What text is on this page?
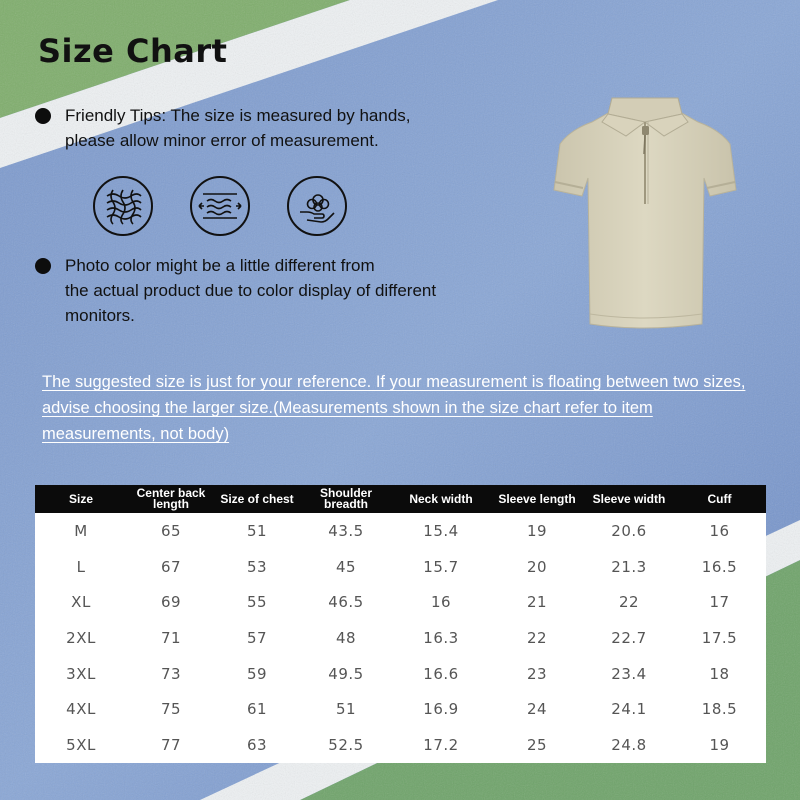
Size Chart
Friendly Tips: The size is measured by hands,
please allow minor error of measurement.
Photo color might be a little different from
the actual product due to color display of different
monitors.
The suggested size is just for your reference. If your measurement is floating between two sizes, advise choosing the larger size.(Measurements shown in the size chart refer to item measurements, not body)
Size	Center back length	Size of chest	Shoulder breadth	Neck width	Sleeve length	Sleeve width	Cuff
M	65	51	43.5	15.4	19	20.6	16
L	67	53	45	15.7	20	21.3	16.5
XL	69	55	46.5	16	21	22	17
2XL	71	57	48	16.3	22	22.7	17.5
3XL	73	59	49.5	16.6	23	23.4	18
4XL	75	61	51	16.9	24	24.1	18.5
5XL	77	63	52.5	17.2	25	24.8	19
